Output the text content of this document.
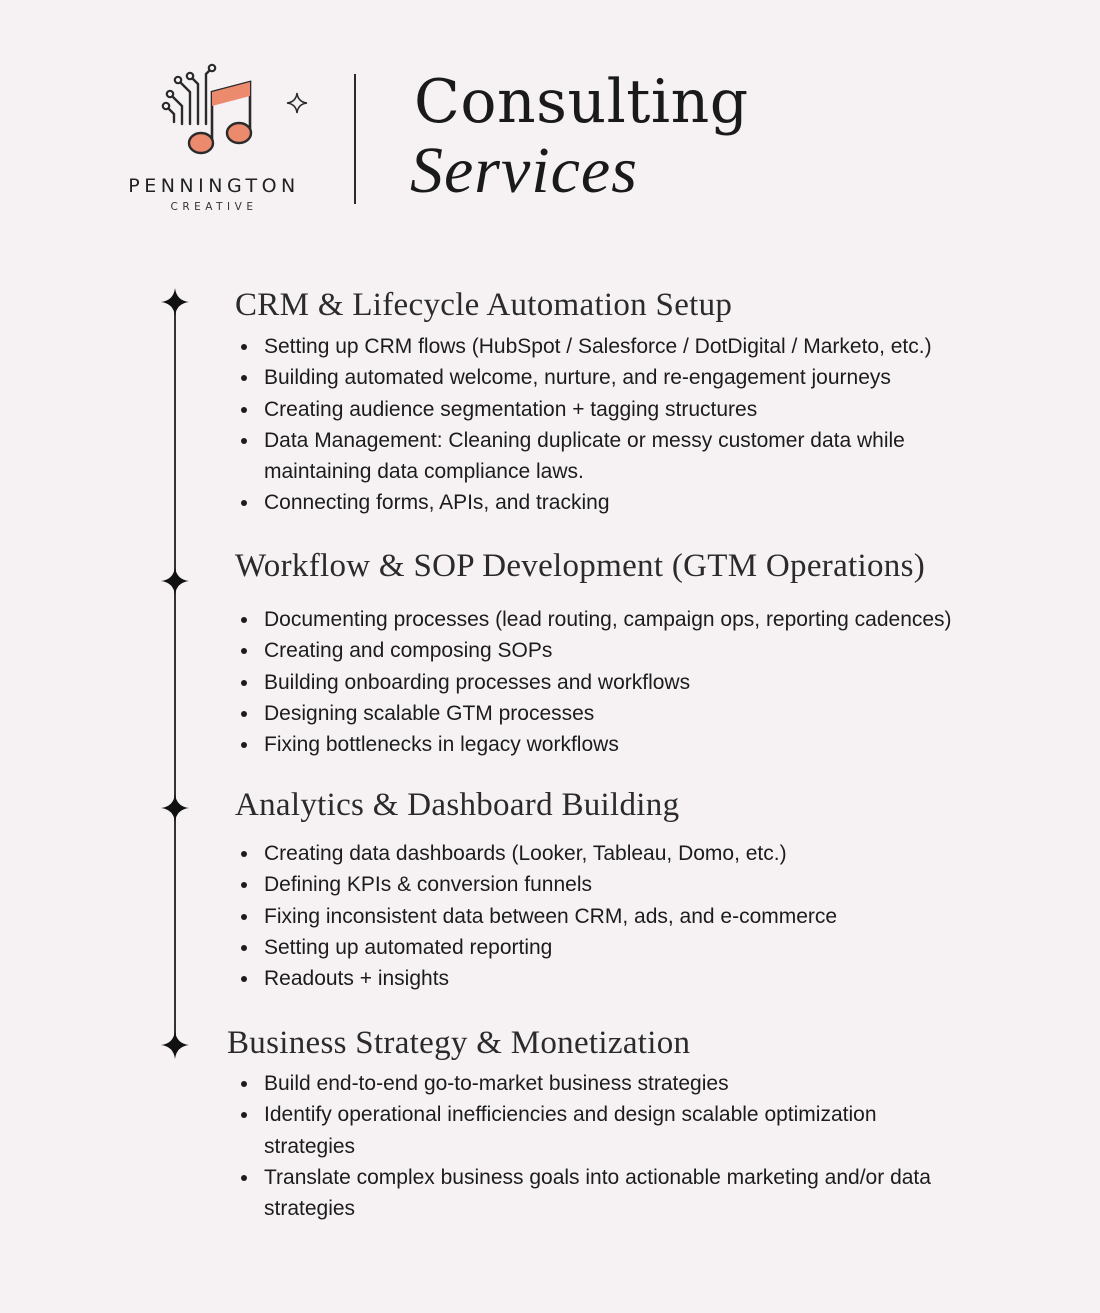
PENNINGTON
CREATIVE
Consulting
Services
CRM & Lifecycle Automation Setup
Setting up CRM flows (HubSpot / Salesforce / DotDigital / Marketo, etc.)
Building automated welcome, nurture, and re-engagement journeys
Creating audience segmentation + tagging structures
Data Management: Cleaning duplicate or messy customer data while maintaining data compliance laws.
Connecting forms, APIs, and tracking
Workflow & SOP Development (GTM Operations)
Documenting processes (lead routing, campaign ops, reporting cadences)
Creating and composing SOPs
Building onboarding processes and workflows
Designing scalable GTM processes
Fixing bottlenecks in legacy workflows
Analytics & Dashboard Building
Creating data dashboards (Looker, Tableau, Domo, etc.)
Defining KPIs & conversion funnels
Fixing inconsistent data between CRM, ads, and e-commerce
Setting up automated reporting
Readouts + insights
Business Strategy & Monetization
Build end-to-end go-to-market business strategies
Identify operational inefficiencies and design scalable optimization strategies
Translate complex business goals into actionable marketing and/or data strategies
